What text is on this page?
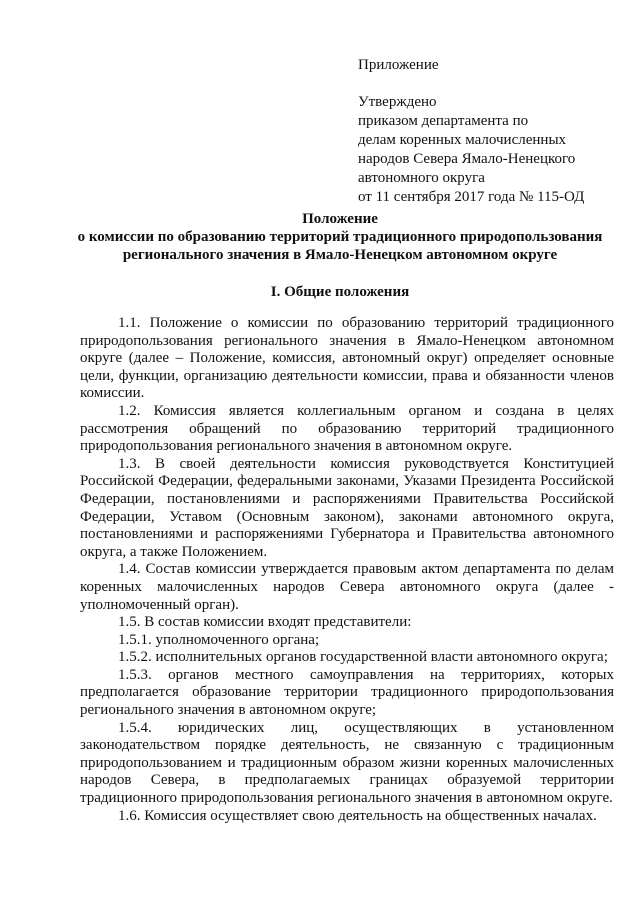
Приложение
Утверждено
приказом департамента по
делам коренных малочисленных
народов Севера Ямало-Ненецкого
автономного округа
от 11 сентября 2017 года № 115-ОД
Положение
о комиссии по образованию территорий традиционного природопользования
регионального значения в Ямало-Ненецком автономном округе
I. Общие положения

1.1. Положение о комиссии по образованию территорий традиционного природопользования регионального значения в Ямало-Ненецком автономном округе (далее – Положение, комиссия, автономный округ) определяет основные цели, функции, организацию деятельности комиссии, права и обязанности членов комиссии.

1.2. Комиссия является коллегиальным органом и создана в целях рассмотрения обращений по образованию территорий традиционного природопользования регионального значения в автономном округе.

1.3. В своей деятельности комиссия руководствуется Конституцией Российской Федерации, федеральными законами, Указами Президента Российской Федерации, постановлениями и распоряжениями Правительства Российской Федерации, Уставом (Основным законом), законами автономного округа, постановлениями и распоряжениями Губернатора и Правительства автономного округа, а также Положением.

1.4. Состав комиссии утверждается правовым актом департамента по делам коренных малочисленных народов Севера автономного округа (далее - уполномоченный орган).

1.5. В состав комиссии входят представители:

1.5.1. уполномоченного органа;

1.5.2. исполнительных органов государственной власти автономного округа;

1.5.3. органов местного самоуправления на территориях, которых предполагается образование территории традиционного природопользования регионального значения в автономном округе;

1.5.4. юридических лиц, осуществляющих в установленном законодательством порядке деятельность, не связанную с традиционным природопользованием и традиционным образом жизни коренных малочисленных народов Севера, в предполагаемых границах образуемой территории традиционного природопользования регионального значения в автономном округе.

1.6. Комиссия осуществляет свою деятельность на общественных началах.
